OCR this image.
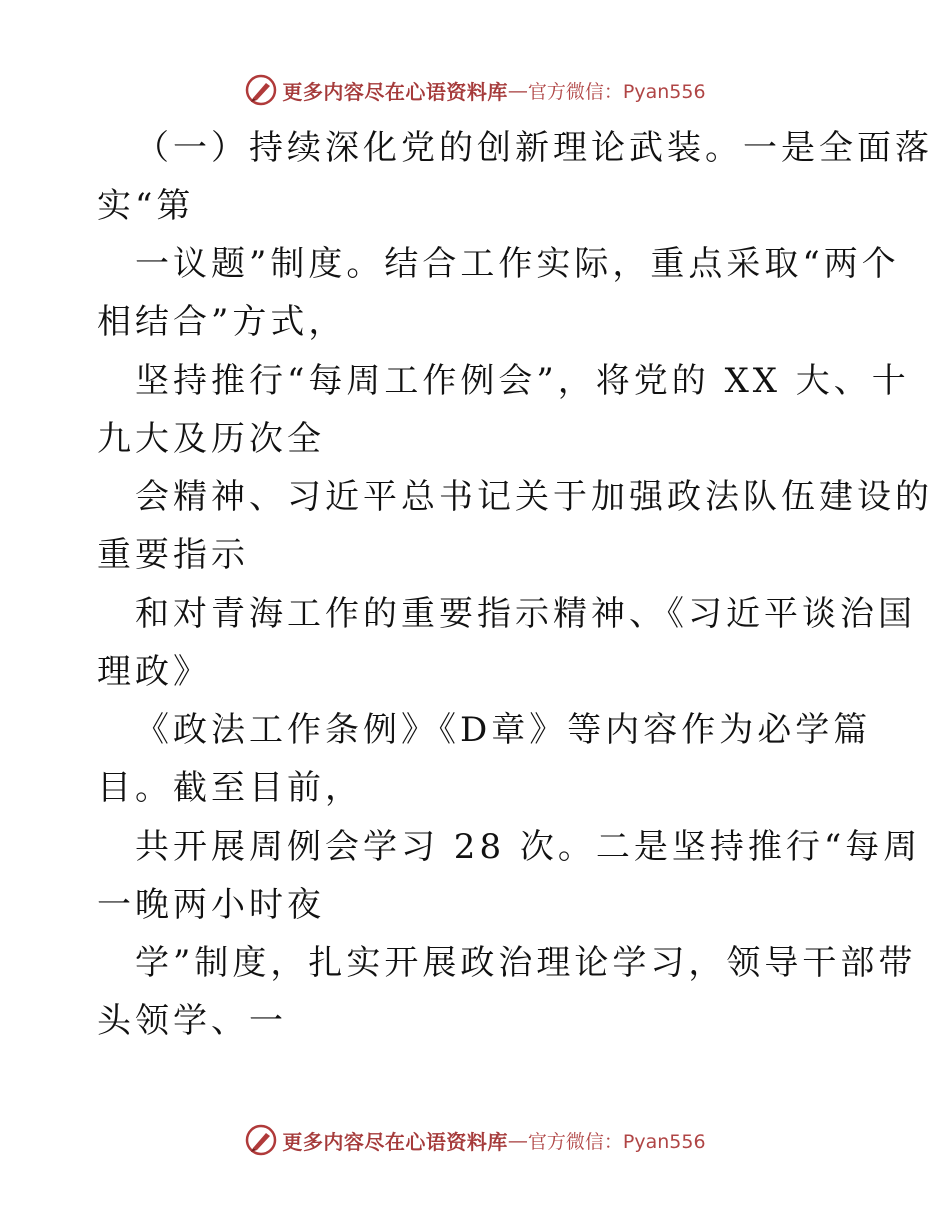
更多内容尽在心语资料库 — 官方微信：Pyan556
（一）持续深化党的创新理论武装。一是全面落
实“第
一议题”制度。结合工作实际，重点采取“两个
相结合”方式，
坚持推行“每周工作例会”，将党的 XX 大、十
九大及历次全
会精神、习近平总书记关于加强政法队伍建设的
重要指示
和对青海工作的重要指示精神、《习近平谈治国
理政》
《政法工作条例》《D章》等内容作为必学篇
目。截至目前，
共开展周例会学习 28 次。二是坚持推行“每周
一晚两小时夜
学”制度，扎实开展政治理论学习，领导干部带
头领学、一
更多内容尽在心语资料库 — 官方微信：Pyan556
